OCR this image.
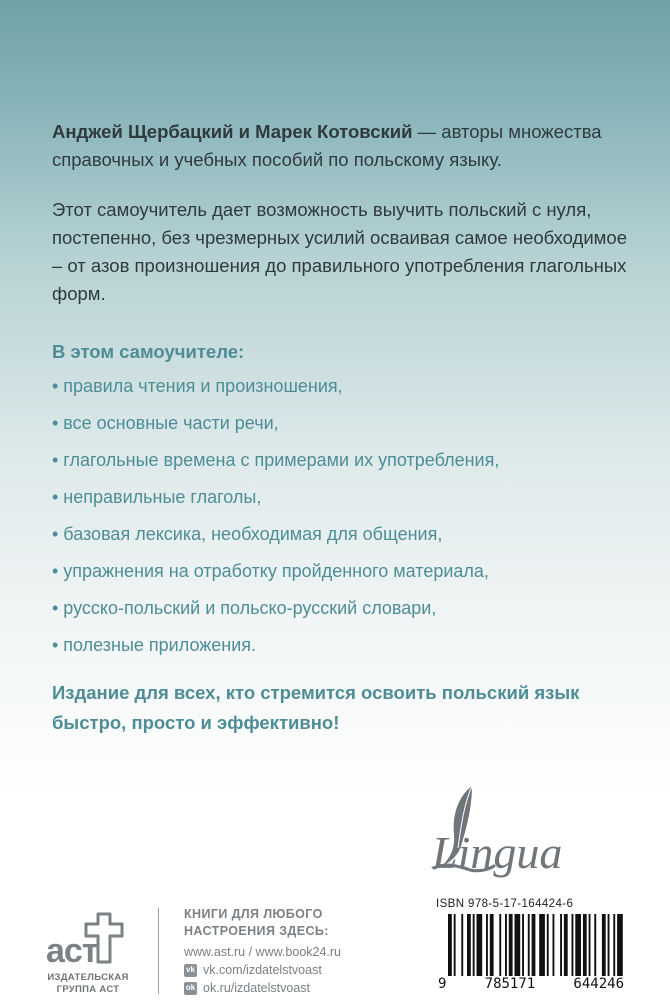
Анджей Щербацкий и Марек Котовский — авторы множества справочных и учебных пособий по польскому языку.

Этот самоучитель дает возможность выучить польский с нуля, постепенно, без чрезмерных усилий осваивая самое необходимое – от азов произношения до правильного употребления глагольных форм.

В этом самоучителе:

• правила чтения и произношения,
• все основные части речи,
• глагольные времена с примерами их употребления,
• неправильные глаголы,
• базовая лексика, необходимая для общения,
• упражнения на отработку пройденного материала,
• русско-польский и польско-русский словари,
• полезные приложения.

Издание для всех, кто стремится освоить польский язык быстро, просто и эффективно!

Lingua
аст
ИЗДАТЕЛЬСКАЯ
ГРУППА АСТ
КНИГИ ДЛЯ ЛЮБОГО
НАСТРОЕНИЯ ЗДЕСЬ:
www.ast.ru / www.book24.ru
vk vk.com/izdatelstvoast
ok ok.ru/izdatelstvoast
ISBN 978-5-17-164424-6
9	785171	644246
